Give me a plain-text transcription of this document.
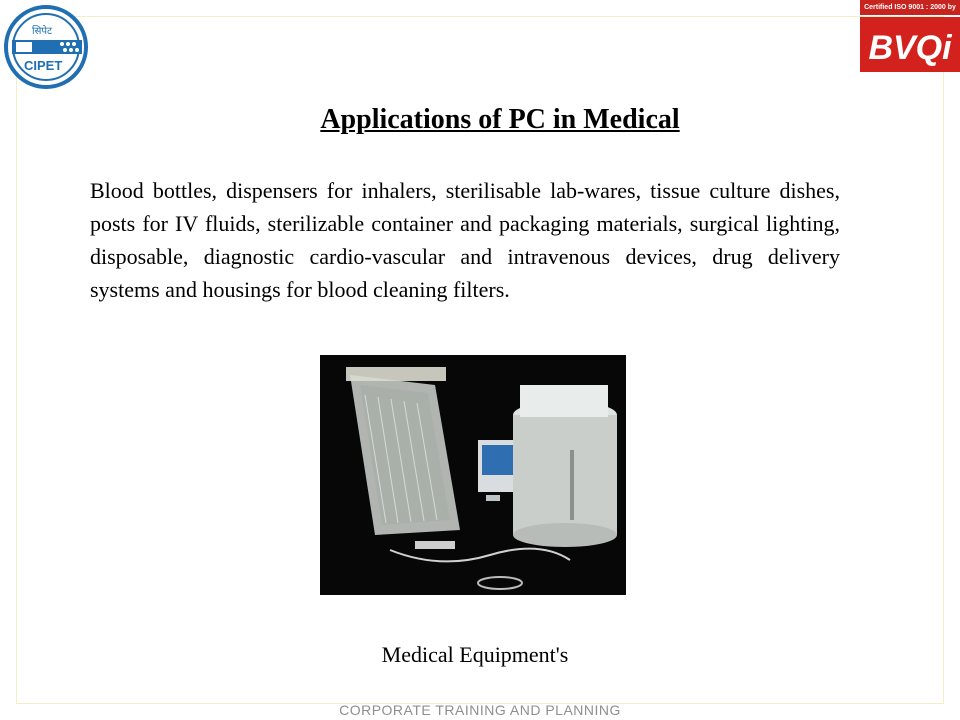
सिपेट
CIPET
Certified ISO 9001 : 2000 by
BVQi
Applications of PC in Medical

Blood bottles, dispensers for inhalers, sterilisable lab-wares, tissue culture dishes, posts for IV fluids, sterilizable container and packaging materials, surgical lighting, disposable, diagnostic cardio-vascular and intravenous devices, drug delivery systems and housings for blood cleaning filters.

Medical Equipment's
CORPORATE TRAINING AND PLANNING
